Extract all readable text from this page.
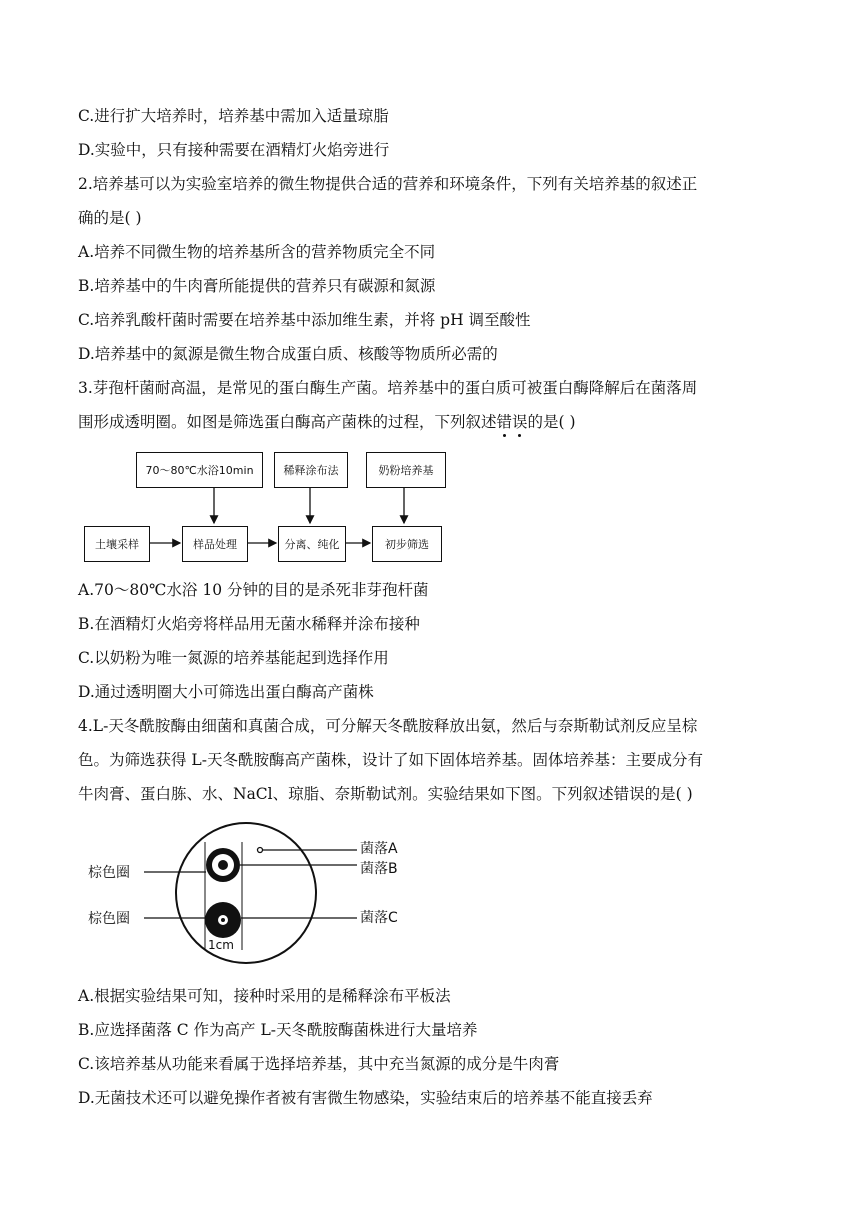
C.进行扩大培养时，培养基中需加入适量琼脂
D.实验中，只有接种需要在酒精灯火焰旁进行
2.培养基可以为实验室培养的微生物提供合适的营养和环境条件，下列有关培养基的叙述正
确的是( )
A.培养不同微生物的培养基所含的营养物质完全不同
B.培养基中的牛肉膏所能提供的营养只有碳源和氮源
C.培养乳酸杆菌时需要在培养基中添加维生素，并将 pH 调至酸性
D.培养基中的氮源是微生物合成蛋白质、核酸等物质所必需的
3.芽孢杆菌耐高温，是常见的蛋白酶生产菌。培养基中的蛋白质可被蛋白酶降解后在菌落周
围形成透明圈。如图是筛选蛋白酶高产菌株的过程，下列叙述错
误
的是( )
70～80℃水浴10min	稀释涂布法	奶粉培养基
土壤采样	样品处理	分离、纯化	初步筛选
A.70～80℃水浴 10 分钟的目的是杀死非芽孢杆菌
B.在酒精灯火焰旁将样品用无菌水稀释并涂布接种
C.以奶粉为唯一氮源的培养基能起到选择作用
D.通过透明圈大小可筛选出蛋白酶高产菌株
4.L-天冬酰胺酶由细菌和真菌合成，可分解天冬酰胺释放出氨，然后与奈斯勒试剂反应呈棕
色。为筛选获得 L-天冬酰胺酶高产菌株，设计了如下固体培养基。固体培养基：主要成分有
牛肉膏、蛋白胨、水、NaCl、琼脂、奈斯勒试剂。实验结果如下图。下列叙述错误的是( )
棕色圈
棕色圈
菌落A
菌落B
菌落C
1cm
A.根据实验结果可知，接种时采用的是稀释涂布平板法
B.应选择菌落 C 作为高产 L-天冬酰胺酶菌株进行大量培养
C.该培养基从功能来看属于选择培养基，其中充当氮源的成分是牛肉膏
D.无菌技术还可以避免操作者被有害微生物感染，实验结束后的培养基不能直接丢弃
